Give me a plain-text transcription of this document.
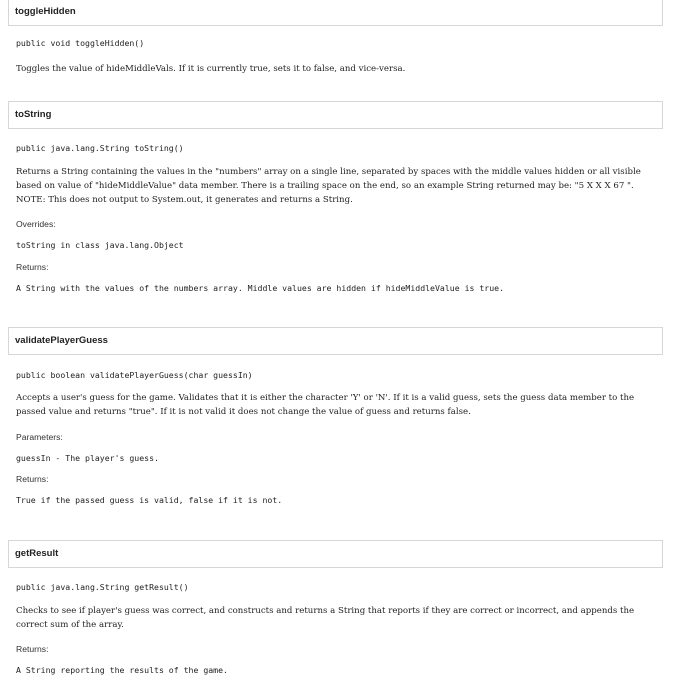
toggleHidden

public void toggleHidden()

Toggles the value of hideMiddleVals. If it is currently true, sets it to false, and vice-versa.

toString

public java.lang.String toString()

Returns a String containing the values in the "numbers" array on a single line, separated by spaces with the middle values hidden or all visible based on value of "hideMiddleValue" data member. There is a trailing space on the end, so an example String returned may be: "5 X X X 67 ". NOTE: This does not output to System.out, it generates and returns a String.

Overrides:

toString in class java.lang.Object

Returns:

A String with the values of the numbers array. Middle values are hidden if hideMiddleValue is true.

validatePlayerGuess

public boolean validatePlayerGuess(char guessIn)

Accepts a user's guess for the game. Validates that it is either the character 'Y' or 'N'. If it is a valid guess, sets the guess data member to the passed value and returns "true". If it is not valid it does not change the value of guess and returns false.

Parameters:

guessIn - The player's guess.

Returns:

True if the passed guess is valid, false if it is not.

getResult

public java.lang.String getResult()

Checks to see if player's guess was correct, and constructs and returns a String that reports if they are correct or incorrect, and appends the correct sum of the array.

Returns:

A String reporting the results of the game.
